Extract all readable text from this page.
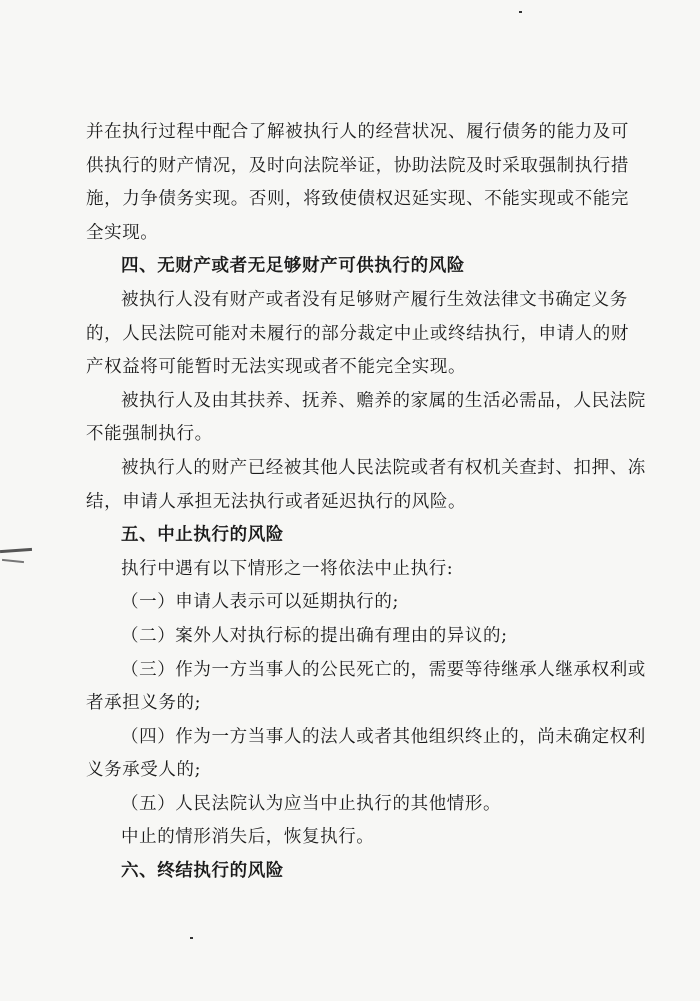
并在执行过程中配合了解被执行人的经营状况、履行债务的能力及可供执行的财产情况，及时向法院举证，协助法院及时采取强制执行措施，力争债务实现。否则，将致使债权迟延实现、不能实现或不能完全实现。

四、无财产或者无足够财产可供执行的风险

被执行人没有财产或者没有足够财产履行生效法律文书确定义务的，人民法院可能对未履行的部分裁定中止或终结执行，申请人的财产权益将可能暂时无法实现或者不能完全实现。

被执行人及由其扶养、抚养、赡养的家属的生活必需品，人民法院不能强制执行。

被执行人的财产已经被其他人民法院或者有权机关查封、扣押、冻结，申请人承担无法执行或者延迟执行的风险。

五、中止执行的风险

执行中遇有以下情形之一将依法中止执行:

（一）申请人表示可以延期执行的;

（二）案外人对执行标的提出确有理由的异议的;

（三）作为一方当事人的公民死亡的，需要等待继承人继承权利或者承担义务的;

（四）作为一方当事人的法人或者其他组织终止的，尚未确定权利义务承受人的;

（五）人民法院认为应当中止执行的其他情形。

中止的情形消失后，恢复执行。

六、终结执行的风险
